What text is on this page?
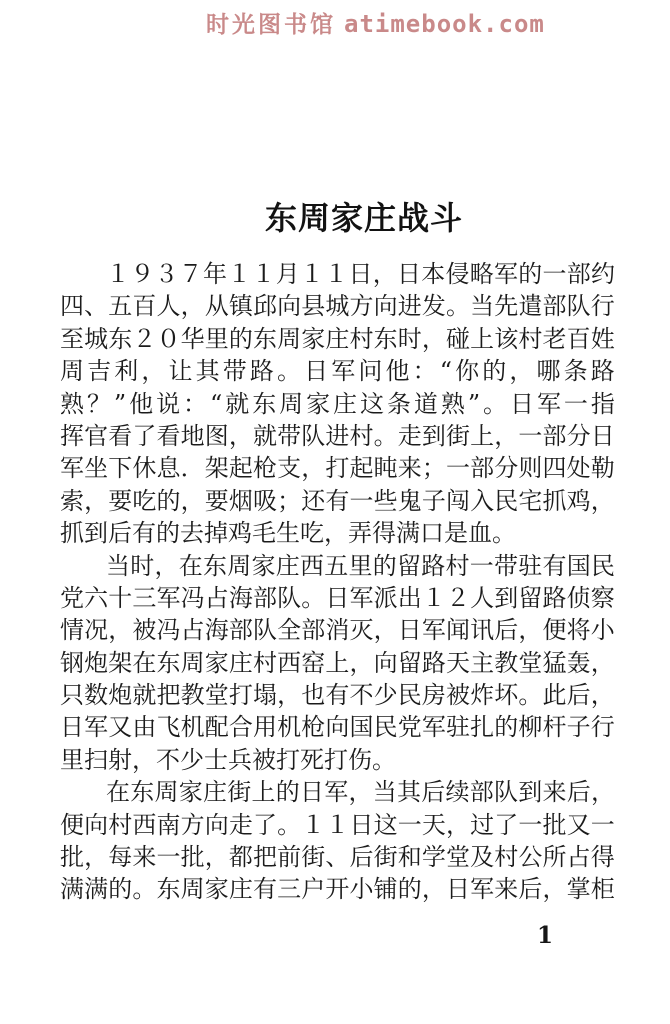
时光图书馆 atimebook.com
东周家庄战斗
１ ９ ３ ７ 年 １ １ 月 １ １ 日 ， 日 本 侵 略 军 的 一 部 约
四 、 五 百 人 ， 从 镇 邱 向 县 城 方 向 进 发 。 当 先 遣 部 队 行
至 城 东 ２ ０ 华 里 的 东 周 家 庄 村 东 时 ， 碰 上 该 村 老 百 姓
周 吉 利 ， 让 其 带 路 。 日 军 问 他 ： “ 你 的 ， 哪 条 路
熟 ？ ” 他 说 ： “ 就 东 周 家 庄 这 条 道 熟 ” 。 日 军 一 指
挥 官 看 了 看 地 图 ， 就 带 队 进 村 。 走 到 街 上 ， 一 部 分 日
军 坐 下 休 息 ． 架 起 枪 支 ， 打 起 盹 来 ； 一 部 分 则 四 处 勒
索 ， 要 吃 的 ， 要 烟 吸 ； 还 有 一 些 鬼 子 闯 入 民 宅 抓 鸡 ，
抓到后有的去掉鸡毛生吃，弄得满口是血。
当 时 ， 在 东 周 家 庄 西 五 里 的 留 路 村 一 带 驻 有 国 民
党 六 十 三 军 冯 占 海 部 队 。 日 军 派 出 １ ２ 人 到 留 路 侦 察
情 况 ， 被 冯 占 海 部 队 全 部 消 灭 ， 日 军 闻 讯 后 ， 便 将 小
钢 炮 架 在 东 周 家 庄 村 西 窑 上 ， 向 留 路 天 主 教 堂 猛 轰 ，
只 数 炮 就 把 教 堂 打 塌 ， 也 有 不 少 民 房 被 炸 坏 。 此 后 ，
日 军 又 由 飞 机 配 合 用 机 枪 向 国 民 党 军 驻 扎 的 柳 杆 子 行
里扫射，不少士兵被打死打伤。
在 东 周 家 庄 街 上 的 日 军 ， 当 其 后 续 部 队 到 来 后 ，
便 向 村 西 南 方 向 走 了 。 １ １ 日 这 一 天 ， 过 了 一 批 又 一
批 ， 每 来 一 批 ， 都 把 前 街 、 后 街 和 学 堂 及 村 公 所 占 得
满 满 的 。 东 周 家 庄 有 三 户 开 小 铺 的 ， 日 军 来 后 ， 掌 柜
1
